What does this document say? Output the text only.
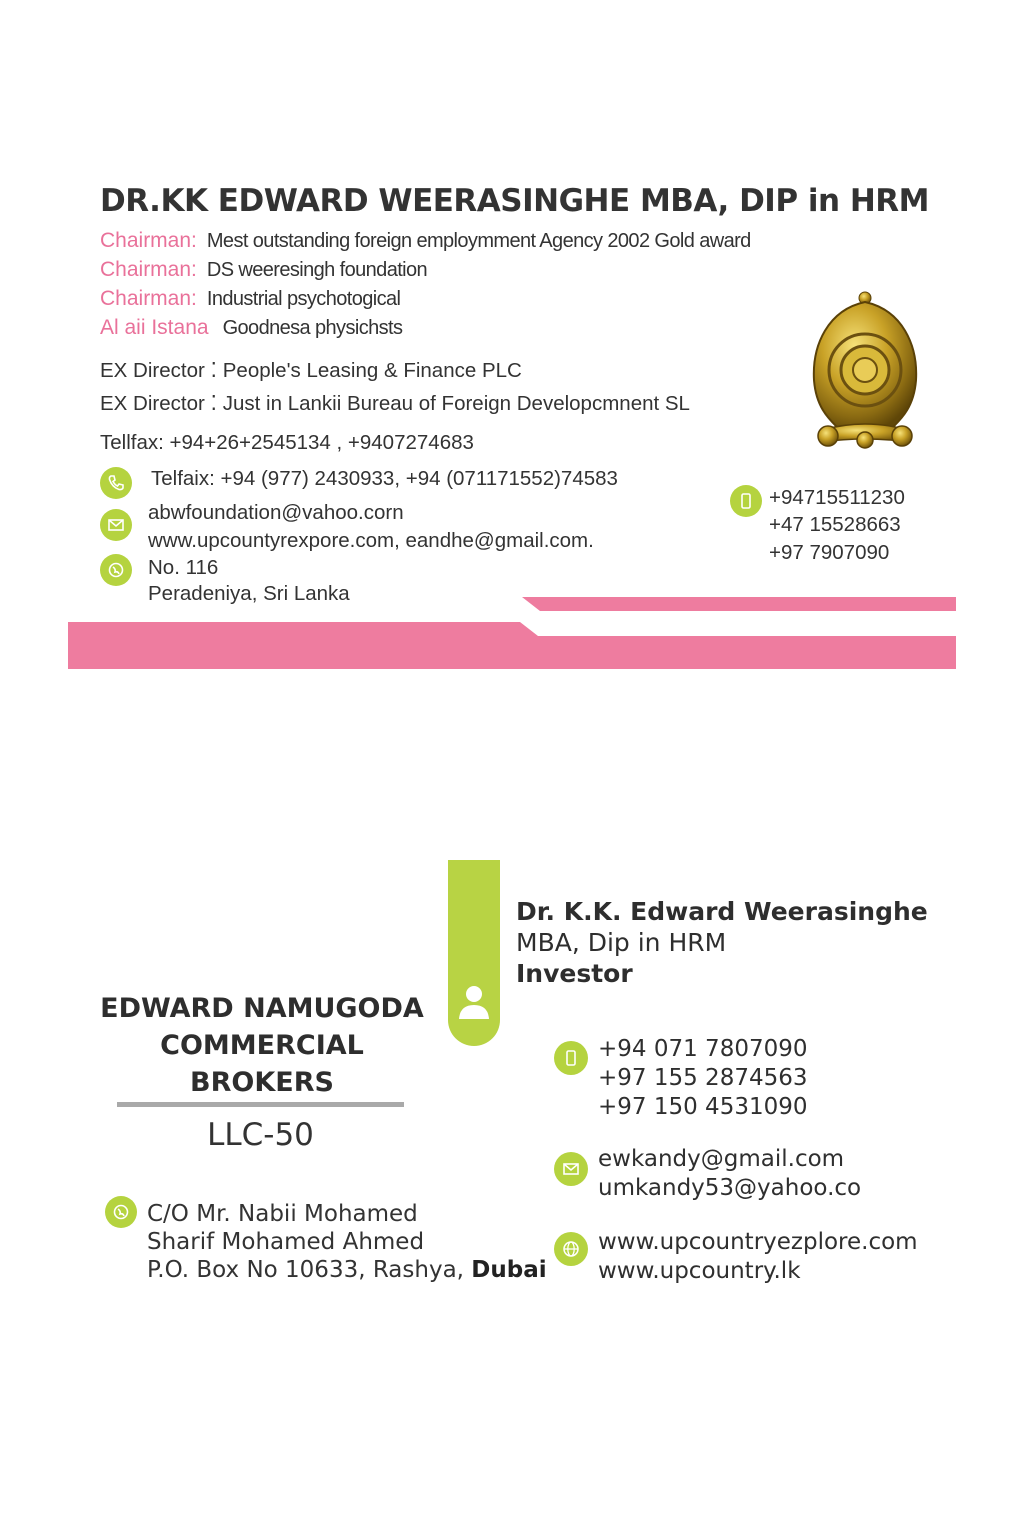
DR.KK EDWARD WEERASINGHE MBA, DIP in HRM
Chairman: Mest outstanding foreign employmment Agency 2002 Gold award
Chairman: DS weeresingh foundation
Chairman: Industrial psychotogical
Al aii Istana Goodnesa physichsts
EX Director ⁚ People's Leasing & Finance PLC
EX Director ⁚ Just in Lankii Bureau of Foreign Developcmnent SL
Tellfax: +94+26+2545134 , +9407274683
Telfaix: +94 (977) 2430933, +94 (071171552)74583
abwfoundation@vahoo.corn
www.upcountyrexpore.com, eandhe@gmail.com.
No. 116
Peradeniya, Sri Lanka
+94715511230
+47 15528663
+97 7907090
EDWARD NAMUGODA
COMMERCIAL
BROKERS
LLC-50
C/O Mr. Nabii Mohamed
Sharif Mohamed Ahmed
P.O. Box No 10633, Rashya, Dubai
Dr. K.K. Edward Weerasinghe
MBA, Dip in HRM
Investor
+94 071 7807090
+97 155 2874563
+97 150 4531090
ewkandy@gmail.com
umkandy53@yahoo.co
www.upcountryezplore.com
www.upcountry.lk
